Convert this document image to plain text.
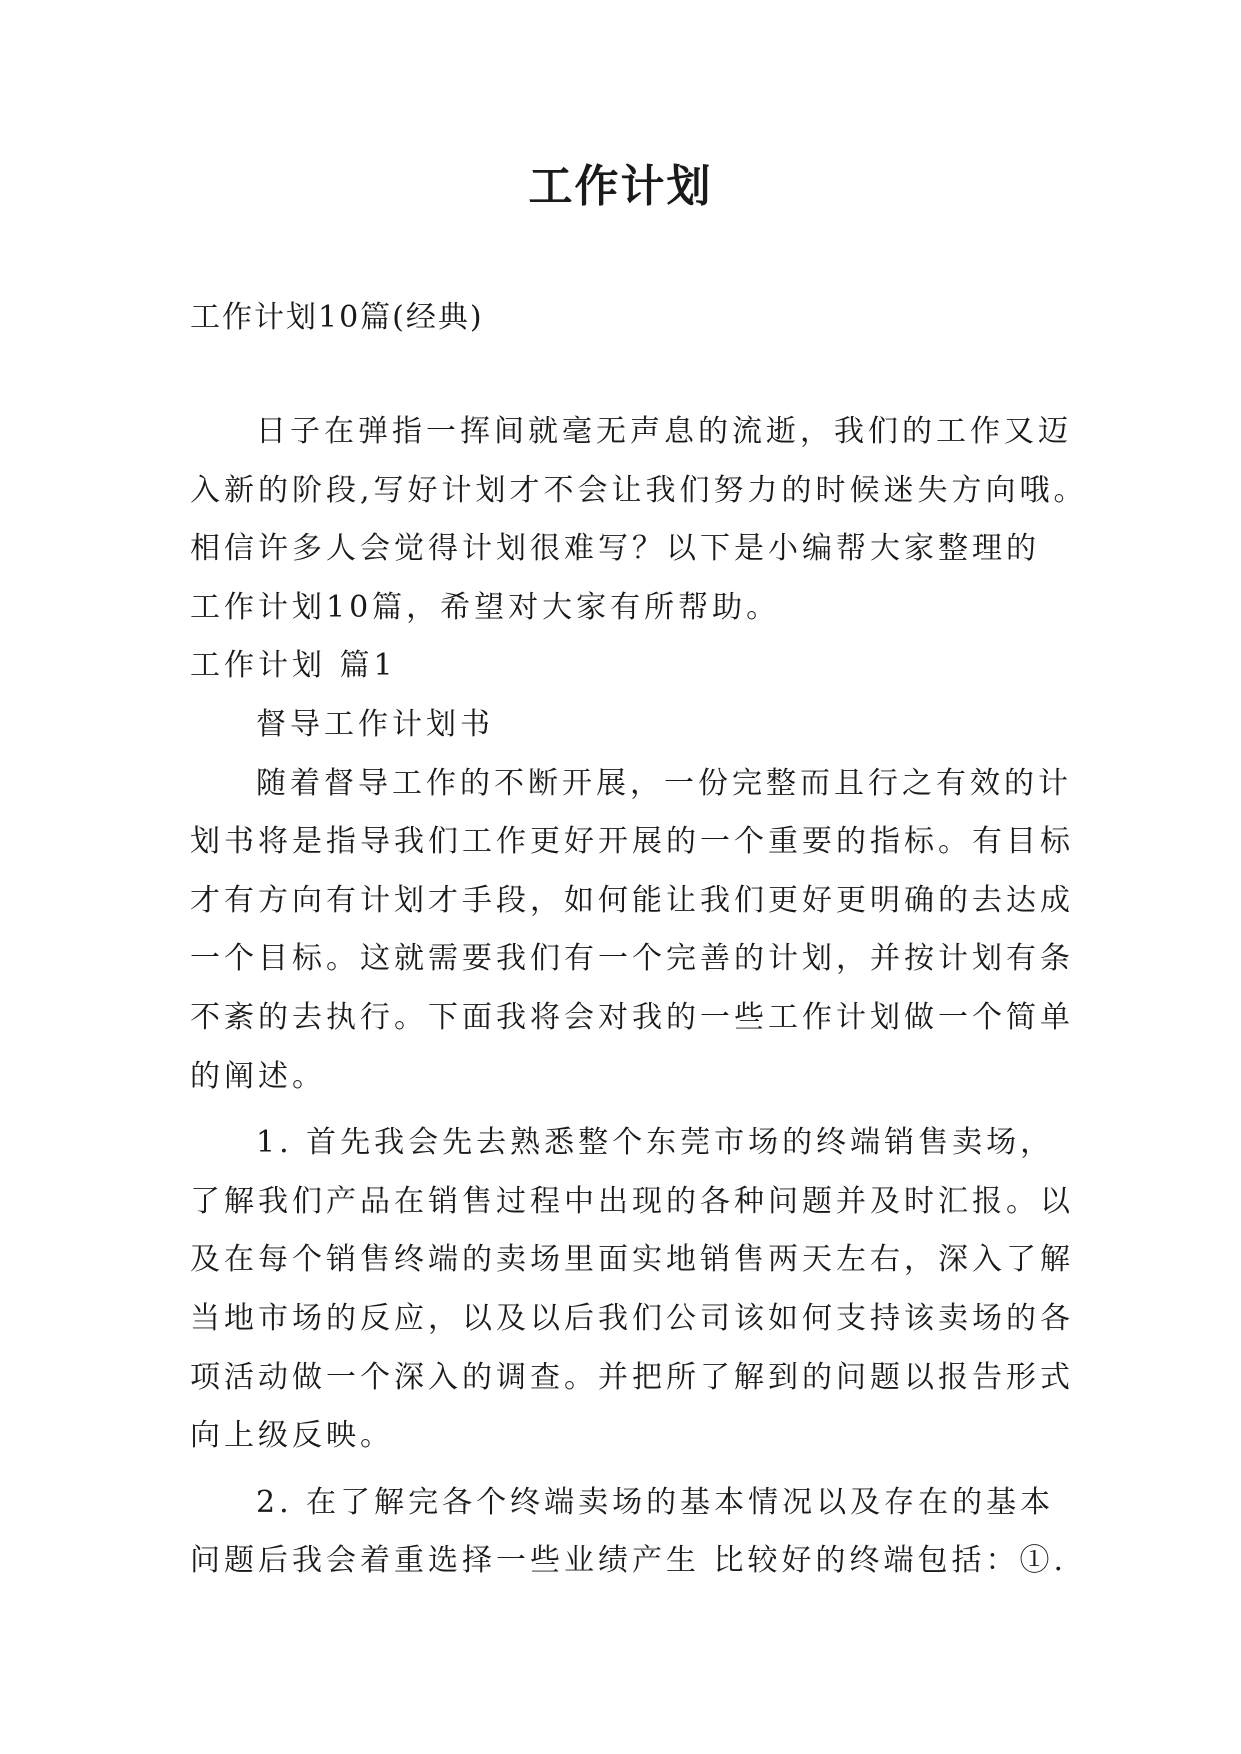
工作计划
工作计划10篇(经典)
日子在弹指一挥间就毫无声息的流逝，我们的工作又迈
入新的阶段,写好计划才不会让我们努力的时候迷失方向哦。
相信许多人会觉得计划很难写？以下是小编帮大家整理的
工作计划10篇，希望对大家有所帮助。
工作计划 篇1
督导工作计划书
随着督导工作的不断开展，一份完整而且行之有效的计
划书将是指导我们工作更好开展的一个重要的指标。有目标
才有方向有计划才手段，如何能让我们更好更明确的去达成
一个目标。这就需要我们有一个完善的计划，并按计划有条
不紊的去执行。下面我将会对我的一些工作计划做一个简单
的阐述。
1. 首先我会先去熟悉整个东莞市场的终端销售卖场，
了解我们产品在销售过程中出现的各种问题并及时汇报。以
及在每个销售终端的卖场里面实地销售两天左右，深入了解
当地市场的反应，以及以后我们公司该如何支持该卖场的各
项活动做一个深入的调查。并把所了解到的问题以报告形式
向上级反映。
2. 在了解完各个终端卖场的基本情况以及存在的基本
问题后我会着重选择一些业绩产生 比较好的终端包括：①.
